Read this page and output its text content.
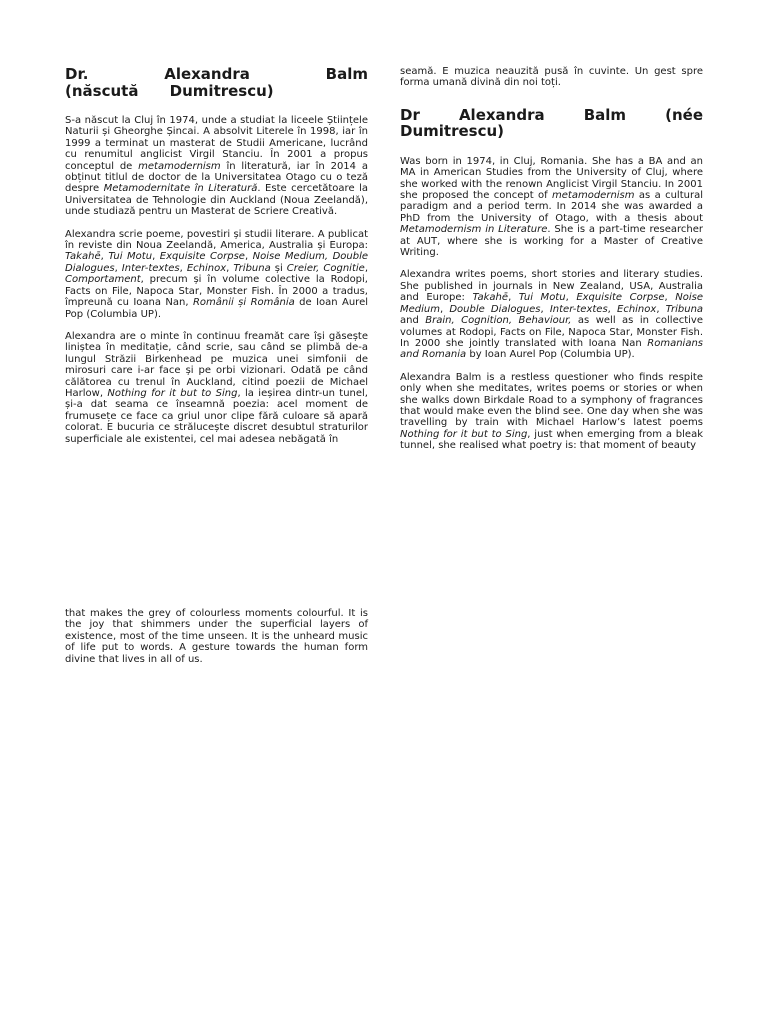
Dr. Alexandra Balm (născută Dumitrescu)

S-a născut la Cluj în 1974, unde a studiat la liceele Științele Naturii și Gheorghe Șincai. A absolvit Literele în 1998, iar în 1999 a terminat un masterat de Studii Americane, lucrând cu renumitul anglicist Virgil Stanciu. În 2001 a propus conceptul de metamodernism în literatură, iar în 2014 a obținut titlul de doctor de la Universitatea Otago cu o teză despre Metamodernitate în Literatură. Este cercetătoare la Universitatea de Tehnologie din Auckland (Noua Zeelandă), unde studiază pentru un Masterat de Scriere Creativă.

Alexandra scrie poeme, povestiri și studii literare. A publicat în reviste din Noua Zeelandă, America, Australia și Europa: Takahē, Tui Motu, Exquisite Corpse, Noise Medium, Double Dialogues, Inter-textes, Echinox, Tribuna și Creier, Cognitie, Comportament, precum și în volume colective la Rodopi, Facts on File, Napoca Star, Monster Fish. În 2000 a tradus, împreună cu Ioana Nan, Românii și România de Ioan Aurel Pop (Columbia UP).

Alexandra are o minte în continuu freamăt care își găsește liniștea în meditație, când scrie, sau când se plimbă de-a lungul Străzii Birkenhead pe muzica unei simfonii de mirosuri care i-ar face și pe orbi vizionari. Odată pe când călătorea cu trenul în Auckland, citind poezii de Michael Harlow, Nothing for it but to Sing, la ieșirea dintr-un tunel, și-a dat seama ce înseamnă poezia: acel moment de frumusețe ce face ca griul unor clipe fără culoare să apară colorat. E bucuria ce strălucește discret desubtul straturilor superficiale ale existentei, cel mai adesea nebăgată în

seamă. E muzica neauzită pusă în cuvinte. Un gest spre forma umană divină din noi toți.

Dr Alexandra Balm (née Dumitrescu)

Was born in 1974, in Cluj, Romania. She has a BA and an MA in American Studies from the University of Cluj, where she worked with the renown Anglicist Virgil Stanciu. In 2001 she proposed the concept of metamodernism as a cultural paradigm and a period term. In 2014 she was awarded a PhD from the University of Otago, with a thesis about Metamodernism in Literature. She is a part-time researcher at AUT, where she is working for a Master of Creative Writing.

Alexandra writes poems, short stories and literary studies. She published in journals in New Zealand, USA, Australia and Europe: Takahē, Tui Motu, Exquisite Corpse, Noise Medium, Double Dialogues, Inter-textes, Echinox, Tribuna and Brain, Cognition, Behaviour, as well as in collective volumes at Rodopi, Facts on File, Napoca Star, Monster Fish. In 2000 she jointly translated with Ioana Nan Romanians and Romania by Ioan Aurel Pop (Columbia UP).

Alexandra Balm is a restless questioner who finds respite only when she meditates, writes poems or stories or when she walks down Birkdale Road to a symphony of fragrances that would make even the blind see. One day when she was travelling by train with Michael Harlow’s latest poems Nothing for it but to Sing, just when emerging from a bleak tunnel, she realised what poetry is: that moment of beauty

that makes the grey of colourless moments colourful. It is the joy that shimmers under the superficial layers of existence, most of the time unseen. It is the unheard music of life put to words. A gesture towards the human form divine that lives in all of us.
